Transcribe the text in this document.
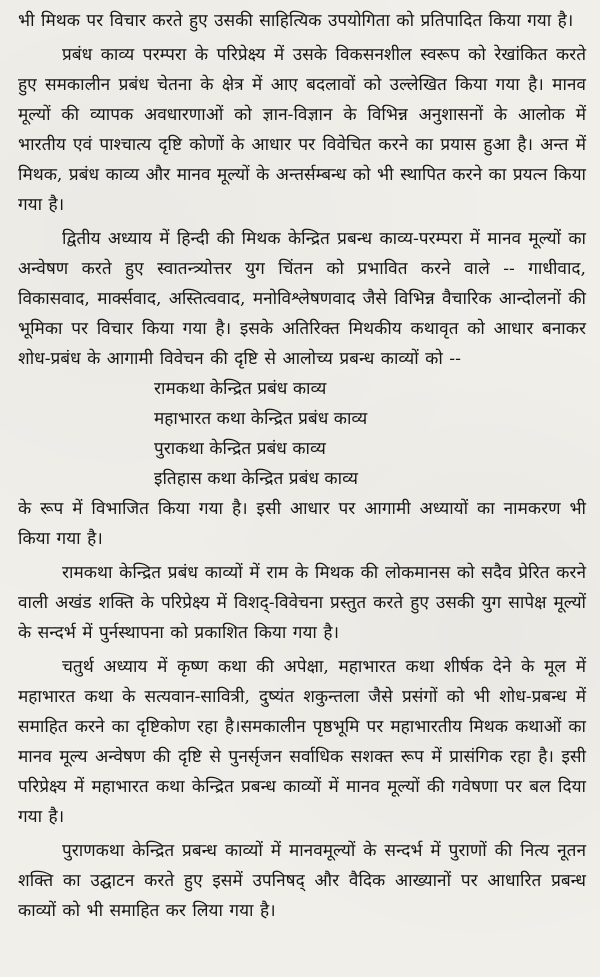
भी मिथक पर विचार करते हुए उसकी साहित्यिक उपयोगिता को प्रतिपादित किया गया है।

प्रबंध काव्य परम्परा के परिप्रेक्ष्य में उसके विकसनशील स्वरूप को रेखांकित करते हुए समकालीन प्रबंध चेतना के क्षेत्र में आए बदलावों को उल्लेखित किया गया है। मानव मूल्यों की व्यापक अवधारणाओं को ज्ञान-विज्ञान के विभिन्न अनुशासनों के आलोक में भारतीय एवं पाश्चात्य दृष्टि कोणों के आधार पर विवेचित करने का प्रयास हुआ है। अन्त में मिथक, प्रबंध काव्य और मानव मूल्यों के अन्तर्सम्बन्ध को भी स्थापित करने का प्रयत्न किया गया है।

द्वितीय अध्याय में हिन्दी की मिथक केन्द्रित प्रबन्ध काव्य-परम्परा में मानव मूल्यों का अन्वेषण करते हुए स्वातन्त्र्योत्तर युग चिंतन को प्रभावित करने वाले -- गाधीवाद, विकासवाद, मार्क्सवाद, अस्तित्ववाद, मनोविश्लेषणवाद जैसे विभिन्न वैचारिक आन्दोलनों की भूमिका पर विचार किया गया है। इसके अतिरिक्त मिथकीय कथावृत को आधार बनाकर शोध-प्रबंध के आगामी विवेचन की दृष्टि से आलोच्य प्रबन्ध काव्यों को --

रामकथा केन्द्रित प्रबंध काव्य
महाभारत कथा केन्द्रित प्रबंध काव्य
पुराकथा केन्द्रित प्रबंध काव्य
इतिहास कथा केन्द्रित प्रबंध काव्य

के रूप में विभाजित किया गया है। इसी आधार पर आगामी अध्यायों का नामकरण भी किया गया है।

रामकथा केन्द्रित प्रबंध काव्यों में राम के मिथक की लोकमानस को सदैव प्रेरित करने वाली अखंड शक्ति के परिप्रेक्ष्य में विशद्-विवेचना प्रस्तुत करते हुए उसकी युग सापेक्ष मूल्यों के सन्दर्भ में पुर्नस्थापना को प्रकाशित किया गया है।

चतुर्थ अध्याय में कृष्ण कथा की अपेक्षा, महाभारत कथा शीर्षक देने के मूल में महाभारत कथा के सत्यवान-सावित्री, दुष्यंत शकुन्तला जैसे प्रसंगों को भी शोध-प्रबन्ध में समाहित करने का दृष्टिकोण रहा है।समकालीन पृष्ठभूमि पर महाभारतीय मिथक कथाओं का मानव मूल्य अन्वेषण की दृष्टि से पुनर्सृजन सर्वाधिक सशक्त रूप में प्रासंगिक रहा है। इसी परिप्रेक्ष्य में महाभारत कथा केन्द्रित प्रबन्ध काव्यों में मानव मूल्यों की गवेषणा पर बल दिया गया है।

पुराणकथा केन्द्रित प्रबन्ध काव्यों में मानवमूल्यों के सन्दर्भ में पुराणों की नित्य नूतन शक्ति का उद्घाटन करते हुए इसमें उपनिषद् और वैदिक आख्यानों पर आधारित प्रबन्ध काव्यों को भी समाहित कर लिया गया है।
